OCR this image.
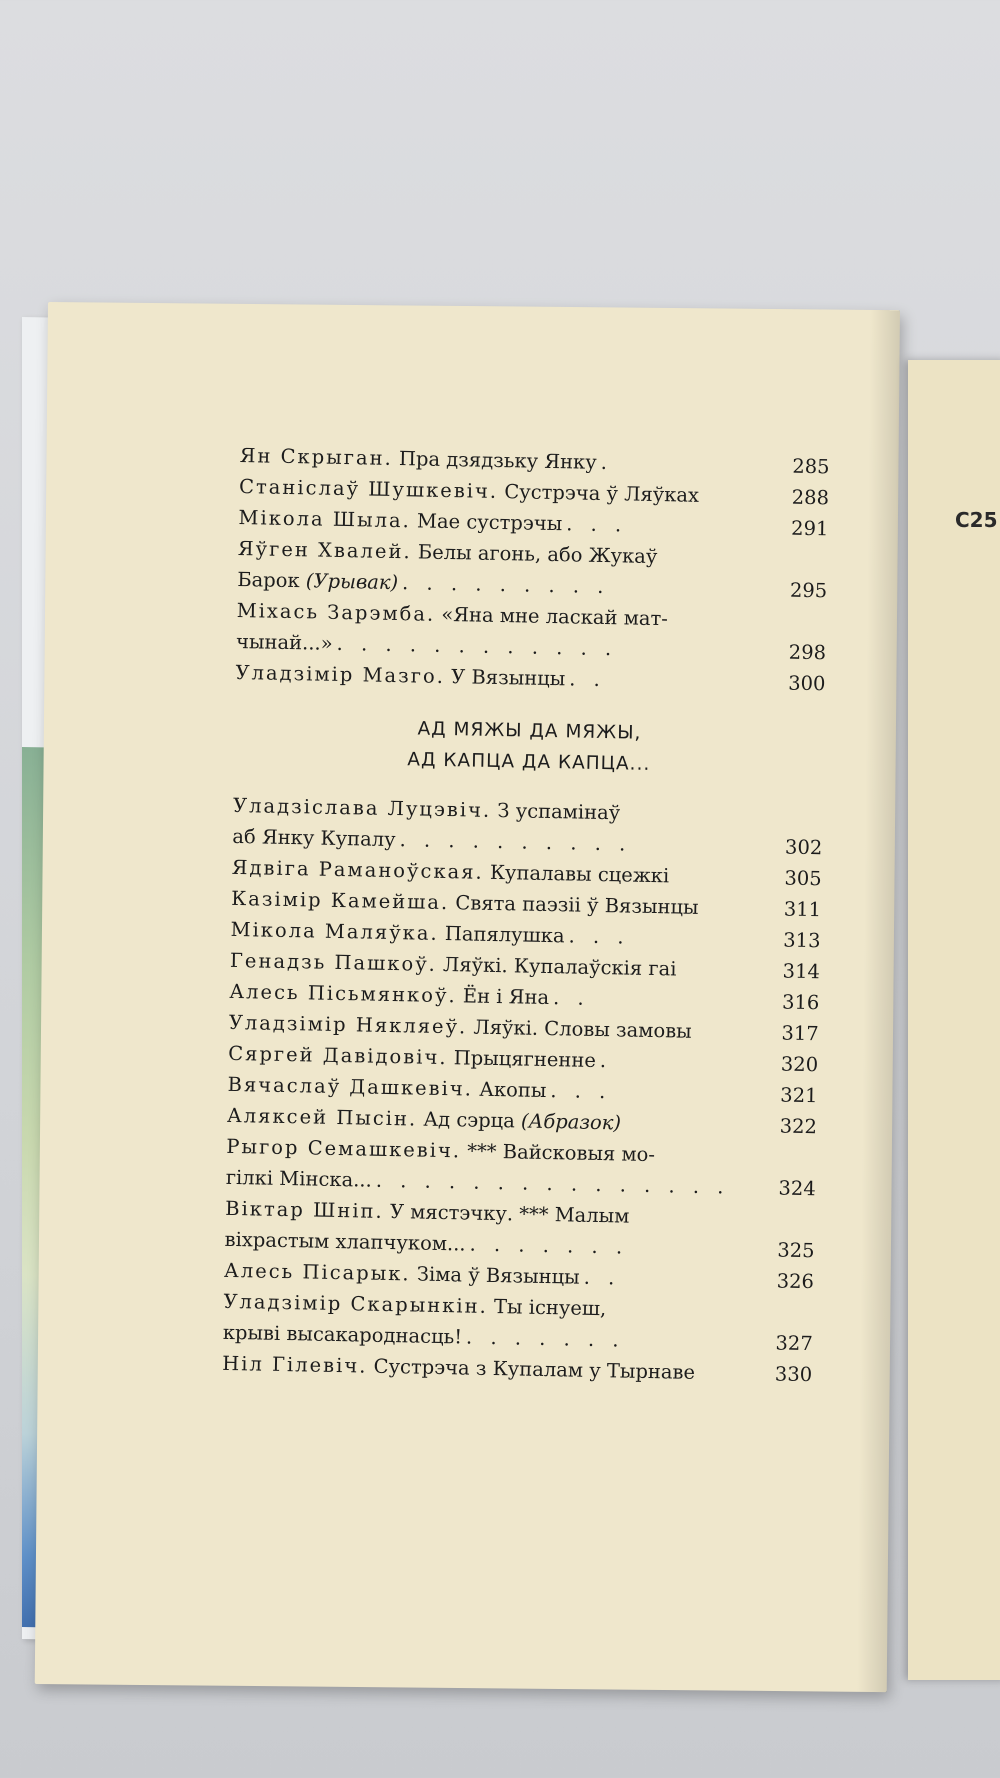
С25
Ян Скрыган. Пра дзядзьку Янку .	285
Станіслаў Шушкевіч. Сустрэча ў Ляўках	288
Мікола Шыла. Мае сустрэчы . . .	291
Яўген Хвалей. Белы агонь, або Жукаў
Барок (Урывак) . . . . . . . . .	295
Міхась Зарэмба. «Яна мне ласкай мат-
чынай...» . . . . . . . . . . . .	298
Уладзімір Мазго. У Вязынцы . .	300
АД МЯЖЫ ДА МЯЖЫ,
АД КАПЦА ДА КАПЦА...
Уладзіслава Луцэвіч. З успамінаў
аб Янку Купалу . . . . . . . . . .	302
Ядвіга Раманоўская. Купалавы сцежкі	305
Казімір Камейша. Свята паэзіі ў Вязынцы	311
Мікола Маляўка. Папялушка . . .	313
Генадзь Пашкоў. Ляўкі. Купалаўскія гаі	314
Алесь Пісьмянкоў. Ён і Яна . .	316
Уладзімір Някляеў. Ляўкі. Словы замовы	317
Сяргей Давідовіч. Прыцягненне .	320
Вячаслаў Дашкевіч. Акопы . . .	321
Аляксей Пысін. Ад сэрца (Абразок)	322
Рыгор Семашкевіч. *** Вайсковыя мо-
гілкі Мінска... . . . . . . . . . . . . . . .	324
Віктар Шніп. У мястэчку. *** Малым
віхрастым хлапчуком... . . . . . . .	325
Алесь Пісарык. Зіма ў Вязынцы . .	326
Уладзімір Скарынкін. Ты існуеш,
крыві высакароднасць! . . . . . . .	327
Ніл Гілевіч. Сустрэча з Купалам у Тырнаве	330
